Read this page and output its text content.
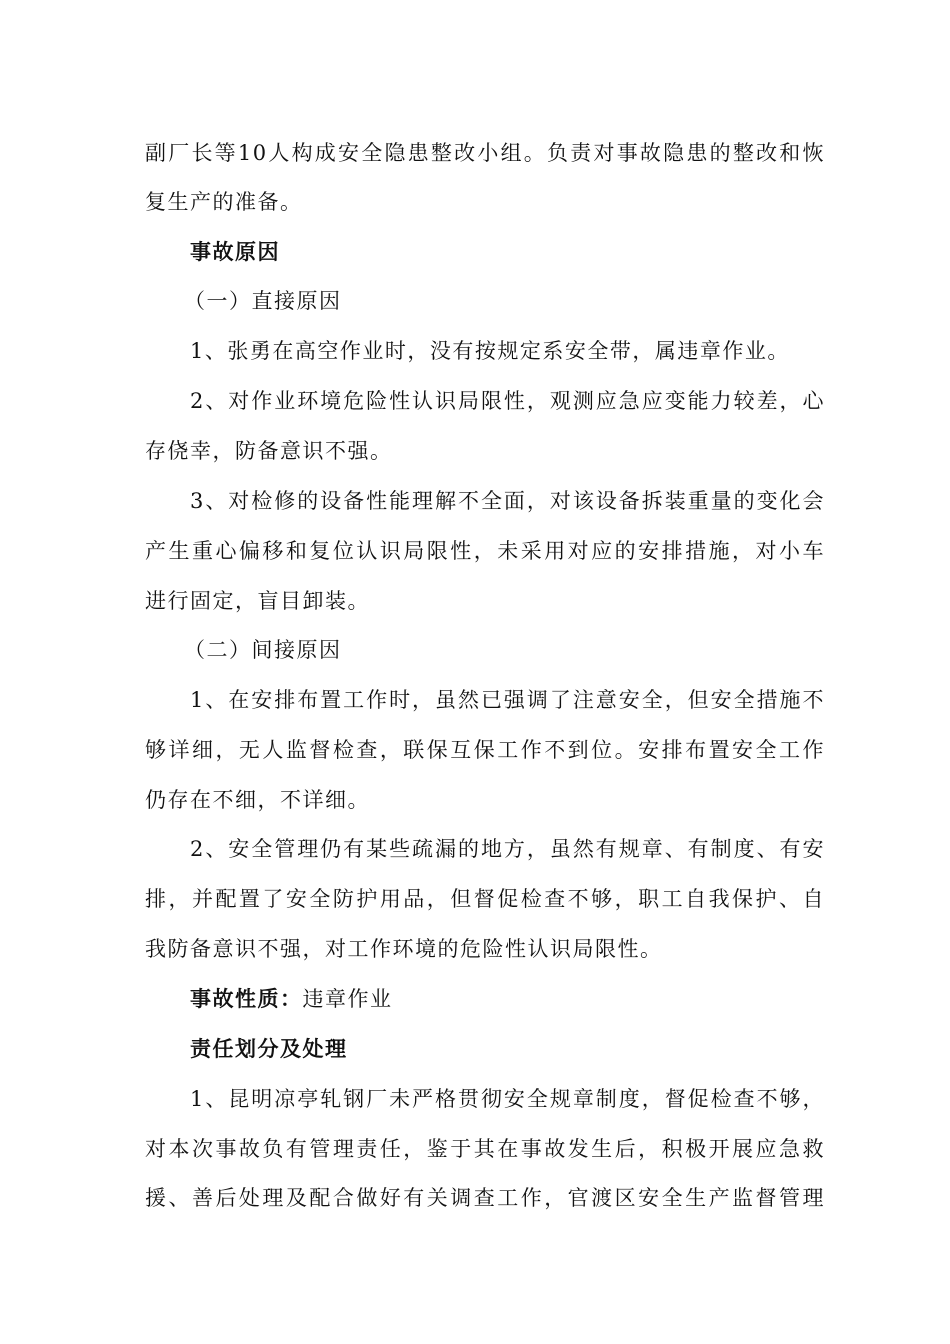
副厂长等10人构成安全隐患整改小组。负责对事故隐患的整改和恢
复生产的准备。
事故原因
（一）直接原因
1、张勇在高空作业时，没有按规定系安全带，属违章作业。
2、对作业环境危险性认识局限性，观测应急应变能力较差，心
存侥幸，防备意识不强。
3、对检修的设备性能理解不全面，对该设备拆装重量的变化会
产生重心偏移和复位认识局限性，未采用对应的安排措施，对小车
进行固定，盲目卸装。
（二）间接原因
1、在安排布置工作时，虽然已强调了注意安全，但安全措施不
够详细，无人监督检查，联保互保工作不到位。安排布置安全工作
仍存在不细，不详细。
2、安全管理仍有某些疏漏的地方，虽然有规章、有制度、有安
排，并配置了安全防护用品，但督促检查不够，职工自我保护、自
我防备意识不强，对工作环境的危险性认识局限性。
事故性质：违章作业
责任划分及处理
1、昆明凉亭轧钢厂未严格贯彻安全规章制度，督促检查不够，
对本次事故负有管理责任，鉴于其在事故发生后，积极开展应急救
援、善后处理及配合做好有关调查工作，官渡区安全生产监督管理
